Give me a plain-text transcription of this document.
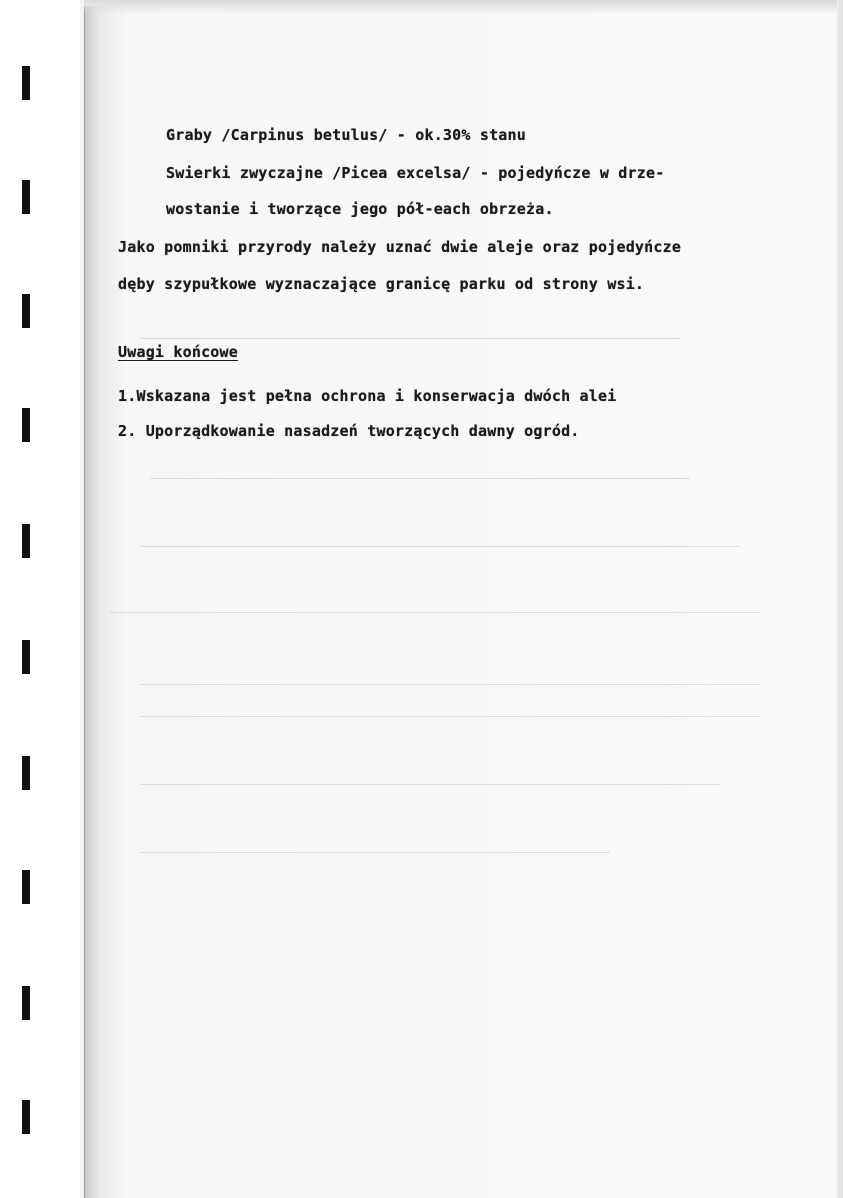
Graby /Carpinus betulus/ - ok.30% stanu
Swierki zwyczajne /Picea excelsa/ - pojedyńcze w drze-
wostanie i tworzące jego pół-each obrzeża.
Jako pomniki przyrody należy uznać dwie aleje oraz pojedyńcze
dęby szypułkowe wyznaczające granicę parku od strony wsi.
Uwagi końcowe
1.Wskazana jest pełna ochrona i konserwacja dwóch alei
2. Uporządkowanie nasadzeń tworzących dawny ogród.
